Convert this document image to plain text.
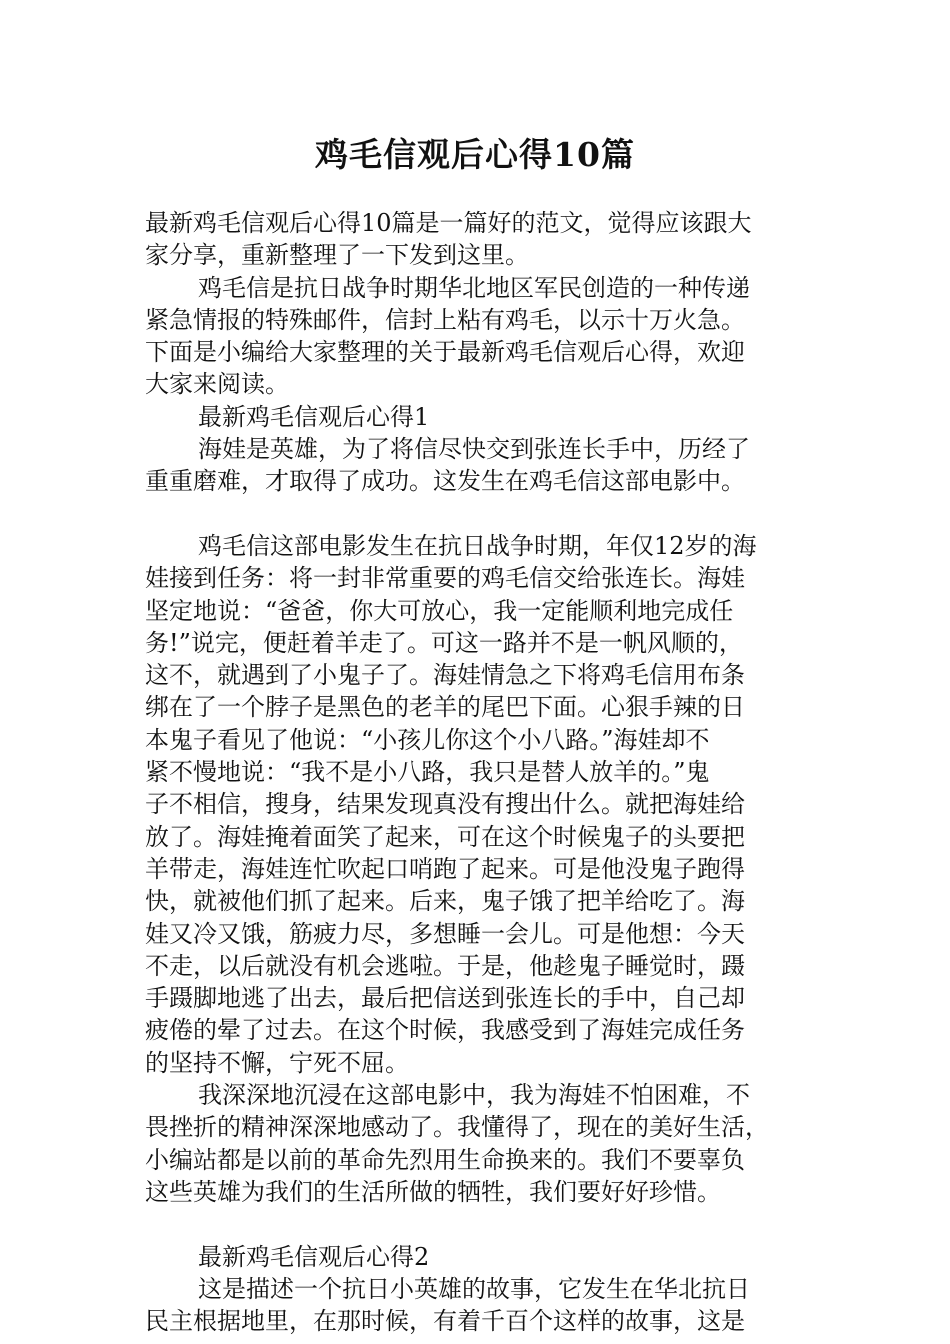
鸡毛信观后心得10篇
最新鸡毛信观后心得10篇是一篇好的范文，觉得应该跟大
家分享，重新整理了一下发到这里。
鸡毛信是抗日战争时期华北地区军民创造的一种传递
紧急情报的特殊邮件，信封上粘有鸡毛，以示十万火急。
下面是小编给大家整理的关于最新鸡毛信观后心得，欢迎
大家来阅读。
最新鸡毛信观后心得1
海娃是英雄，为了将信尽快交到张连长手中，历经了
重重磨难，才取得了成功。这发生在鸡毛信这部电影中。
鸡毛信这部电影发生在抗日战争时期，年仅12岁的海
娃接到任务：将一封非常重要的鸡毛信交给张连长。海娃
坚定地说：“爸爸，你大可放心，我一定能顺利地完成任
务!”说完，便赶着羊走了。可这一路并不是一帆风顺的，
这不，就遇到了小鬼子了。海娃情急之下将鸡毛信用布条
绑在了一个脖子是黑色的老羊的尾巴下面。心狠手辣的日
本鬼子看见了他说：“小孩儿你这个小八路。”海娃却不
紧不慢地说：“我不是小八路，我只是替人放羊的。”鬼
子不相信，搜身，结果发现真没有搜出什么。就把海娃给
放了。海娃掩着面笑了起来，可在这个时候鬼子的头要把
羊带走，海娃连忙吹起口哨跑了起来。可是他没鬼子跑得
快，就被他们抓了起来。后来，鬼子饿了把羊给吃了。海
娃又冷又饿，筋疲力尽，多想睡一会儿。可是他想：今天
不走，以后就没有机会逃啦。于是，他趁鬼子睡觉时，蹑
手蹑脚地逃了出去，最后把信送到张连长的手中，自己却
疲倦的晕了过去。在这个时候，我感受到了海娃完成任务
的坚持不懈，宁死不屈。
我深深地沉浸在这部电影中，我为海娃不怕困难，不
畏挫折的精神深深地感动了。我懂得了，现在的美好生活，
小编站都是以前的革命先烈用生命换来的。我们不要辜负
这些英雄为我们的生活所做的牺牲，我们要好好珍惜。
最新鸡毛信观后心得2
这是描述一个抗日小英雄的故事，它发生在华北抗日
民主根据地里，在那时候，有着千百个这样的故事，这是
